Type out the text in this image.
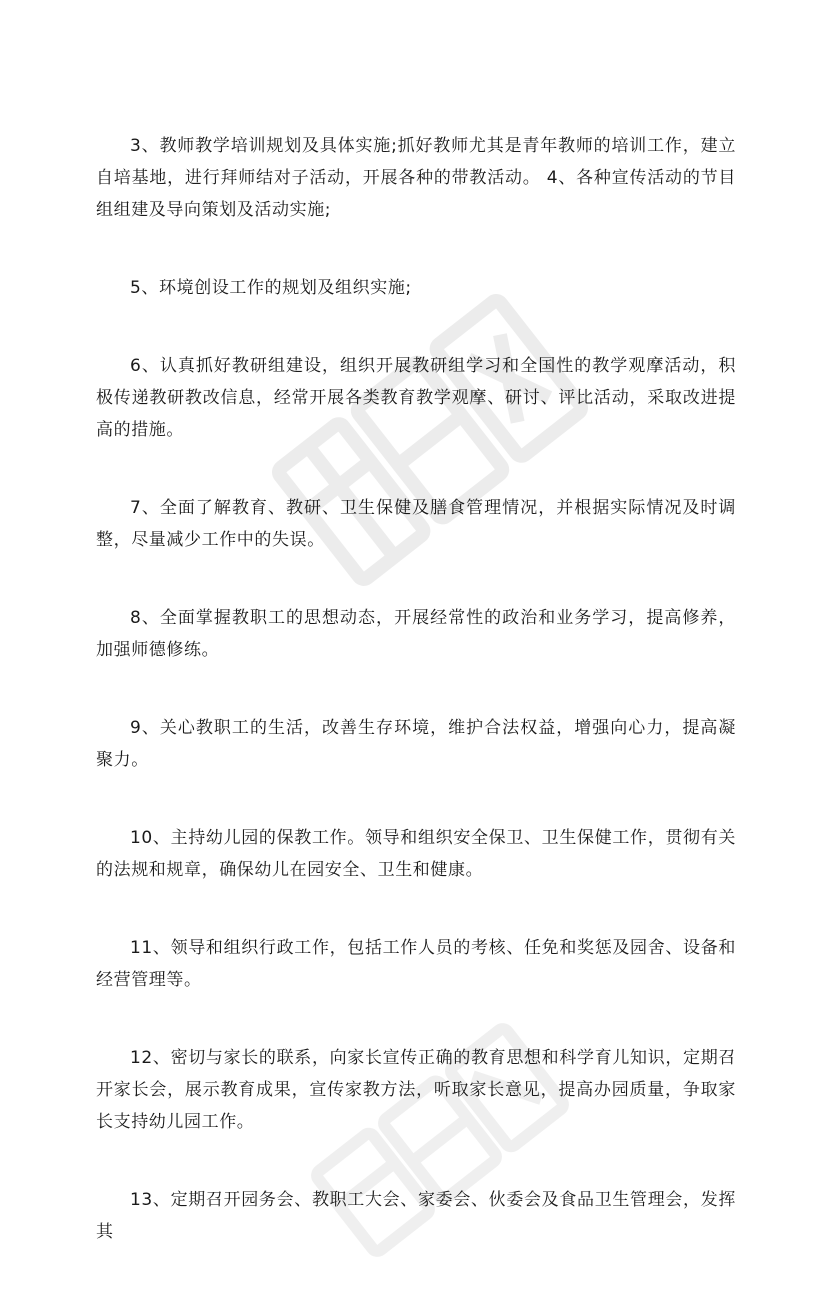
3、教师教学培训规划及具体实施;抓好教师尤其是青年教师的培训工作，建立自培基地，进行拜师结对子活动，开展各种的带教活动。 4、各种宣传活动的节目组组建及导向策划及活动实施;

5、环境创设工作的规划及组织实施;

6、认真抓好教研组建设，组织开展教研组学习和全国性的教学观摩活动，积极传递教研教改信息，经常开展各类教育教学观摩、研讨、评比活动，采取改进提高的措施。

7、全面了解教育、教研、卫生保健及膳食管理情况，并根据实际情况及时调整，尽量减少工作中的失误。

8、全面掌握教职工的思想动态，开展经常性的政治和业务学习，提高修养，加强师德修练。

9、关心教职工的生活，改善生存环境，维护合法权益，增强向心力，提高凝聚力。

10、主持幼儿园的保教工作。领导和组织安全保卫、卫生保健工作，贯彻有关的法规和规章，确保幼儿在园安全、卫生和健康。

11、领导和组织行政工作，包括工作人员的考核、任免和奖惩及园舍、设备和经营管理等。

12、密切与家长的联系，向家长宣传正确的教育思想和科学育儿知识，定期召开家长会，展示教育成果，宣传家教方法，听取家长意见，提高办园质量，争取家长支持幼儿园工作。

13、定期召开园务会、教职工大会、家委会、伙委会及食品卫生管理会，发挥其
